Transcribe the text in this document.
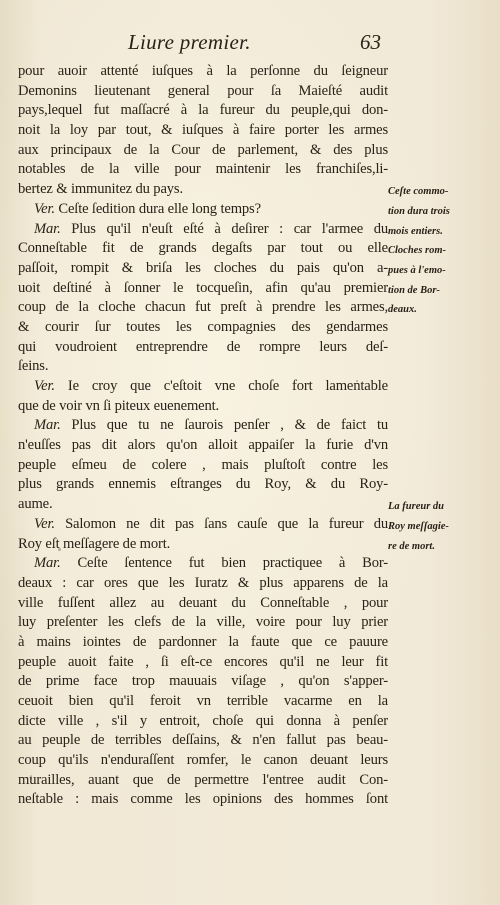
Liure premier.	63
pour auoir attenté iuſques à la perſonne du ſeigneur
Demonins lieutenant general pour ſa Maieſté audit
pays,lequel fut maſſacré à la fureur du peuple,qui don-
noit la loy par tout, & iuſques à faire porter les armes
aux principaux de la Cour de parlement, & des plus
notables de la ville pour maintenir les franchiſes,li-
bertez & immunitez du pays.
Ver. Ceſte ſedition dura elle long temps?
Mar. Plus qu'il n'euſt eſté à deſirer : car l'armee du
Conneſtable fit de grands degaſts par tout ou elle
paſſoit, rompit & briſa les cloches du pais qu'on a-
uoit deſtiné à ſonner le tocqueſin, afin qu'au premier
coup de la cloche chacun fut preſt à prendre les armes,
& courir ſur toutes les compagnies des gendarmes
qui voudroient entreprendre de rompre leurs deſ-
ſeins.
Ver. Ie croy que c'eſtoit vne choſe fort lamentable
que de voir vn ſi piteux euenement.
Mar. Plus que tu ne ſaurois penſer , & de faict tu
n'euſſes pas dit alors qu'on alloit appaiſer la furie d'vn
peuple eſmeu de colere , mais pluſtoſt contre les
plus grands ennemis eſtranges du Roy, & du Roy-
aume.
Ver. Salomon ne dit pas ſans cauſe que la fureur du
Roy eſt meſſagere de mort.
Mar. Ceſte ſentence fut bien practiquee à Bor-
deaux : car ores que les Iuratz & plus apparens de la
ville fuſſent allez au deuant du Conneſtable , pour
luy preſenter les clefs de la ville, voire pour luy prier
à mains iointes de pardonner la faute que ce pauure
peuple auoit faite , ſi eſt-ce encores qu'il ne leur fit
de prime face trop mauuais viſage , qu'on s'apper-
ceuoit bien qu'il feroit vn terrible vacarme en la
dicte ville , s'il y entroit, choſe qui donna à penſer
au peuple de terribles deſſains, & n'en fallut pas beau-
coup qu'ils n'enduraſſent romfer, le canon deuant leurs
murailles, auant que de permettre l'entree audit Con-
neſtable : mais comme les opinions des hommes ſont
Ceſte commo-
tion dura trois
mois entiers.
Cloches rom-
pues à l'emo-
tion de Bor-
deaux.
La fureur du
Roy meſſagie-
re de mort.
